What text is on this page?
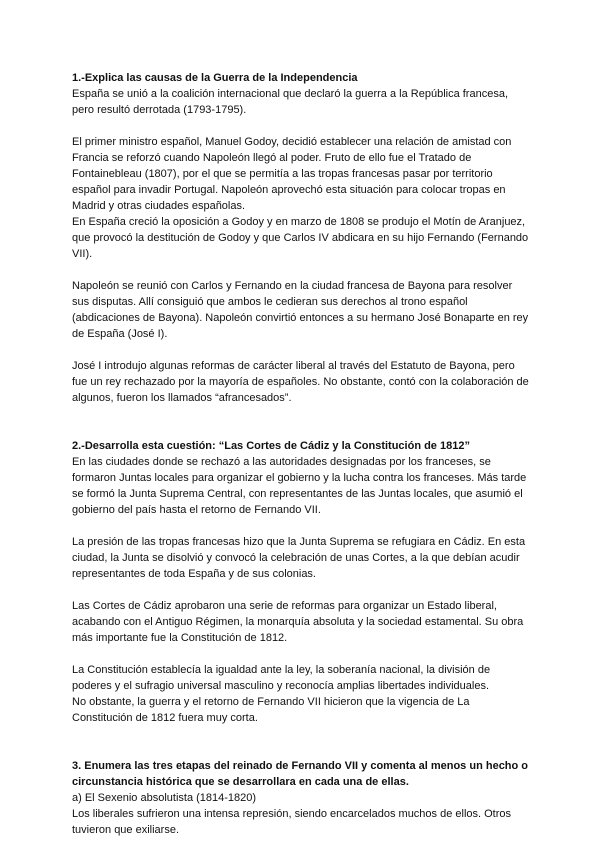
1.-Explica las causas de la Guerra de la Independencia

España se unió a la coalición internacional que declaró la guerra a la República francesa, pero resultó derrotada (1793-1795).

El primer ministro español, Manuel Godoy, decidió establecer una relación de amistad con Francia se reforzó cuando Napoleón llegó al poder. Fruto de ello fue el Tratado de Fontainebleau (1807), por el que se permitía a las tropas francesas pasar por territorio español para invadir Portugal. Napoleón aprovechó esta situación para colocar tropas en Madrid y otras ciudades españolas.

En España creció la oposición a Godoy y en marzo de 1808 se produjo el Motín de Aranjuez, que provocó la destitución de Godoy y que Carlos IV abdicara en su hijo Fernando (Fernando VII).

Napoleón se reunió con Carlos y Fernando en la ciudad francesa de Bayona para resolver sus disputas. Allí consiguió que ambos le cedieran sus derechos al trono español (abdicaciones de Bayona). Napoleón convirtió entonces a su hermano José Bonaparte en rey de España (José I).

José I introdujo algunas reformas de carácter liberal al través del Estatuto de Bayona, pero fue un rey rechazado por la mayoría de españoles. No obstante, contó con la colaboración de algunos, fueron los llamados “afrancesados”.

2.-Desarrolla esta cuestión: “Las Cortes de Cádiz y la Constitución de 1812”

En las ciudades donde se rechazó a las autoridades designadas por los franceses, se formaron Juntas locales para organizar el gobierno y la lucha contra los franceses. Más tarde se formó la Junta Suprema Central, con representantes de las Juntas locales, que asumió el gobierno del país hasta el retorno de Fernando VII.

La presión de las tropas francesas hizo que la Junta Suprema se refugiara en Cádiz. En esta ciudad, la Junta se disolvió y convocó la celebración de unas Cortes, a la que debían acudir representantes de toda España y de sus colonias.

Las Cortes de Cádiz aprobaron una serie de reformas para organizar un Estado liberal, acabando con el Antiguo Régimen, la monarquía absoluta y la sociedad estamental. Su obra más importante fue la Constitución de 1812.

La Constitución establecía la igualdad ante la ley, la soberanía nacional, la división de poderes y el sufragio universal masculino y reconocía amplias libertades individuales.

No obstante, la guerra y el retorno de Fernando VII hicieron que la vigencia de La Constitución de 1812 fuera muy corta.

3. Enumera las tres etapas del reinado de Fernando VII y comenta al menos un hecho o circunstancia histórica que se desarrollara en cada una de ellas.

a) El Sexenio absolutista (1814-1820)

Los liberales sufrieron una intensa represión, siendo encarcelados muchos de ellos. Otros tuvieron que exiliarse.
